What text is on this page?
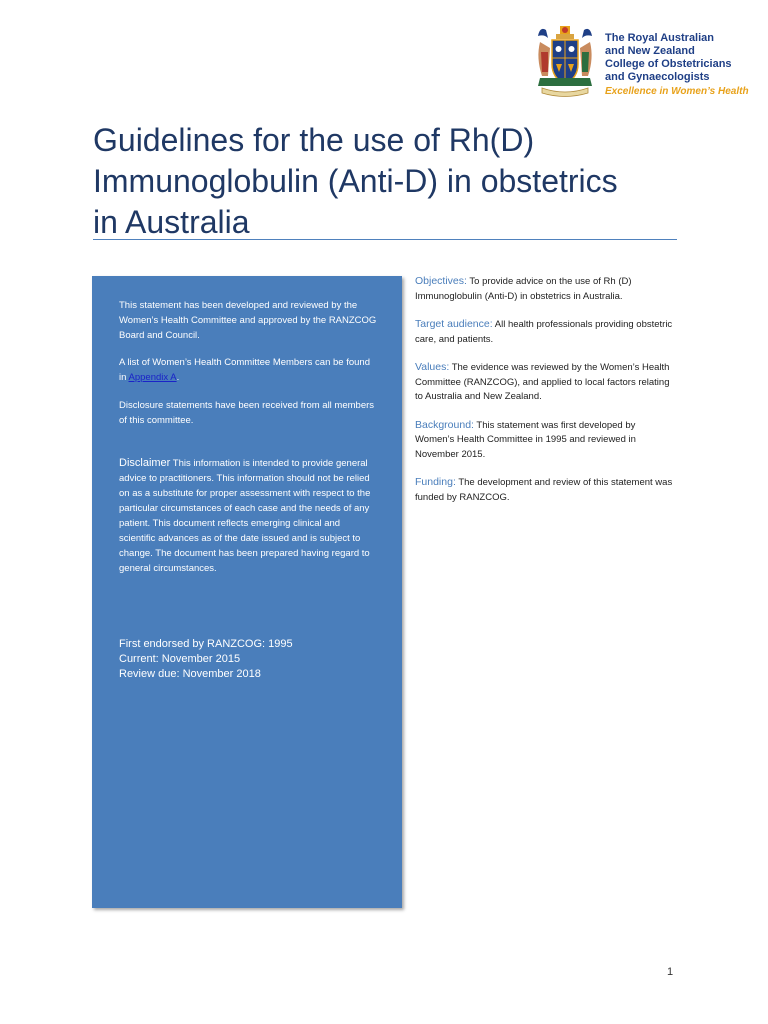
The Royal Australian
and New Zealand
College of Obstetricians
and Gynaecologists
Excellence in Women’s Health
Guidelines for the use of Rh(D)
Immunoglobulin (Anti-D) in obstetrics
in Australia

This statement has been developed and reviewed by the Women’s Health Committee and approved by the RANZCOG Board and Council.

A list of Women’s Health Committee Members can be found in Appendix A.

Disclosure statements have been received from all members of this committee.

Disclaimer This information is intended to provide general advice to practitioners. This information should not be relied on as a substitute for proper assessment with respect to the particular circumstances of each case and the needs of any patient. This document reflects emerging clinical and scientific advances as of the date issued and is subject to change. The document has been prepared having regard to general circumstances.

First endorsed by RANZCOG: 1995
Current: November 2015
Review due: November 2018

Objectives: To provide advice on the use of Rh (D) Immunoglobulin (Anti-D) in obstetrics in Australia.

Target audience: All health professionals providing obstetric care, and patients.

Values: The evidence was reviewed by the Women’s Health Committee (RANZCOG), and applied to local factors relating to Australia and New Zealand.

Background: This statement was first developed by Women’s Health Committee in 1995 and reviewed in November 2015.

Funding: The development and review of this statement was funded by RANZCOG.

1
